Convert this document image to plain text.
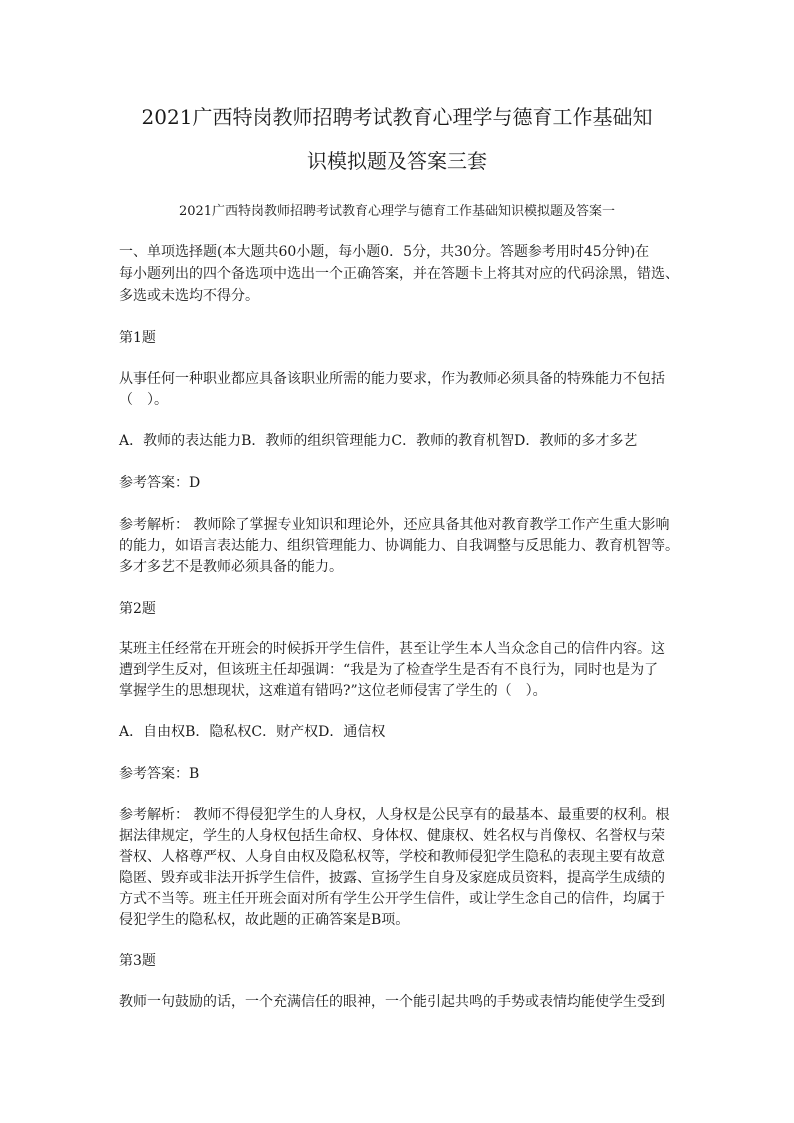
2021广西特岗教师招聘考试教育心理学与德育工作基础知
识模拟题及答案三套
2021广西特岗教师招聘考试教育心理学与德育工作基础知识模拟题及答案一

一、单项选择题(本大题共60小题，每小题0．5分，共30分。答题参考用时45分钟)在

每小题列出的四个备选项中选出一个正确答案，并在答题卡上将其对应的代码涂黑，错选、

多选或未选均不得分。

第1题

从事任何一种职业都应具备该职业所需的能力要求，作为教师必须具备的特殊能力不包括

（　）。

A．教师的表达能力B．教师的组织管理能力C．教师的教育机智D．教师的多才多艺

参考答案：D

参考解析： 教师除了掌握专业知识和理论外，还应具备其他对教育教学工作产生重大影响

的能力，如语言表达能力、组织管理能力、协调能力、自我调整与反思能力、教育机智等。

多才多艺不是教师必须具备的能力。

第2题

某班主任经常在开班会的时候拆开学生信件，甚至让学生本人当众念自己的信件内容。这

遭到学生反对，但该班主任却强调：“我是为了检查学生是否有不良行为，同时也是为了

掌握学生的思想现状，这难道有错吗?”这位老师侵害了学生的（　）。

A．自由权B．隐私权C．财产权D．通信权

参考答案：B

参考解析： 教师不得侵犯学生的人身权，人身权是公民享有的最基本、最重要的权利。根

据法律规定，学生的人身权包括生命权、身体权、健康权、姓名权与肖像权、名誉权与荣

誉权、人格尊严权、人身自由权及隐私权等，学校和教师侵犯学生隐私的表现主要有故意

隐匿、毁弃或非法开拆学生信件，披露、宣扬学生自身及家庭成员资料，提高学生成绩的

方式不当等。班主任开班会面对所有学生公开学生信件，或让学生念自己的信件，均属于

侵犯学生的隐私权，故此题的正确答案是B项。

第3题

教师一句鼓励的话，一个充满信任的眼神，一个能引起共鸣的手势或表情均能使学生受到
